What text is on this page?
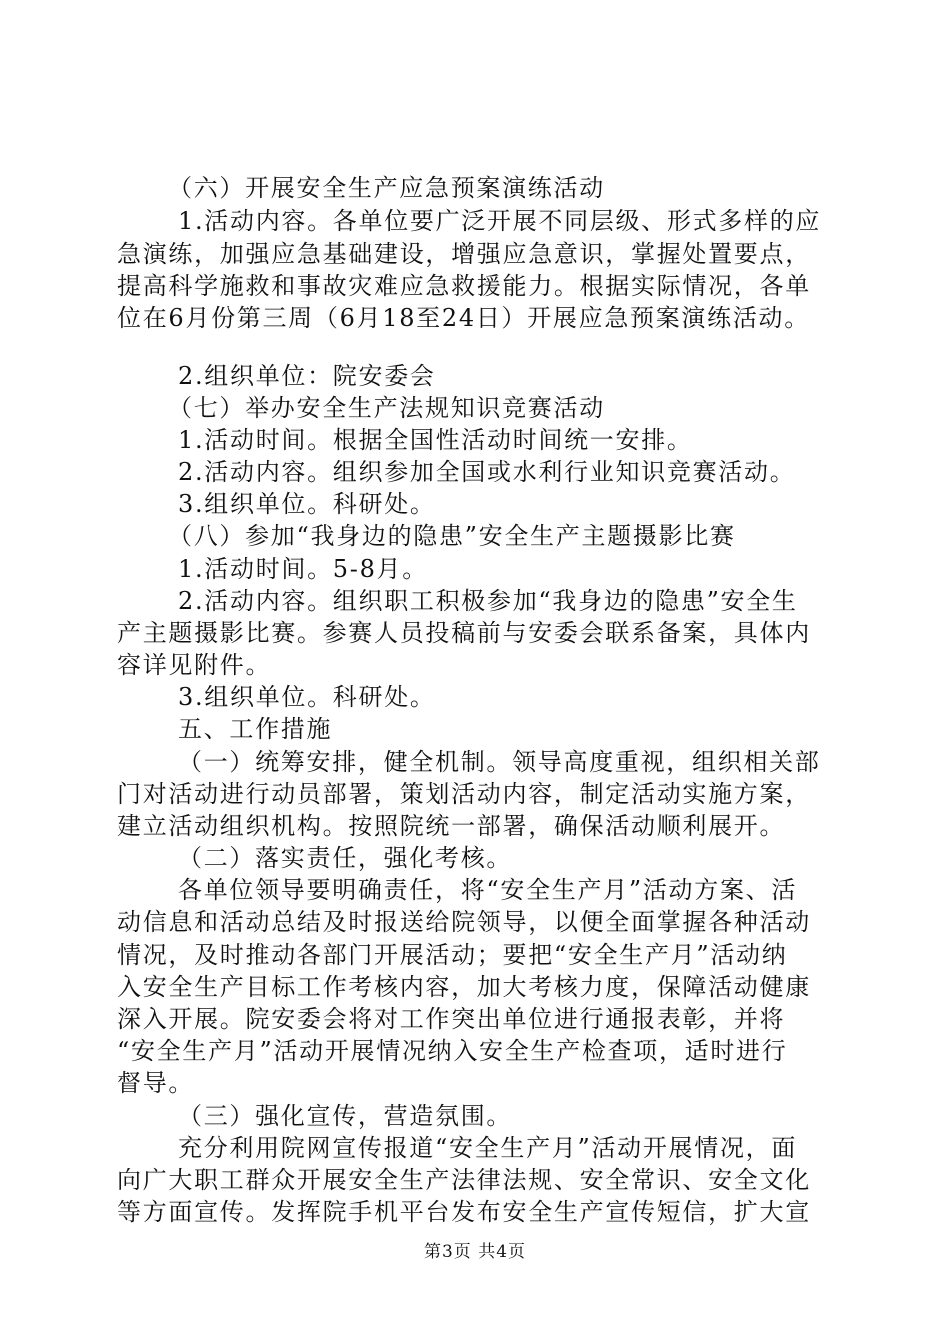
（六）开展安全生产应急预案演练活动
1.活动内容。各单位要广泛开展不同层级、形式多样的应
急演练，加强应急基础建设，增强应急意识，掌握处置要点，
提高科学施救和事故灾难应急救援能力。根据实际情况，各单
位在6月份第三周（6月18至24日）开展应急预案演练活动。
2.组织单位：院安委会
（七）举办安全生产法规知识竞赛活动
1.活动时间。根据全国性活动时间统一安排。
2.活动内容。组织参加全国或水利行业知识竞赛活动。
3.组织单位。科研处。
（八）参加“我身边的隐患”安全生产主题摄影比赛
1.活动时间。5-8月。
2.活动内容。组织职工积极参加“我身边的隐患”安全生
产主题摄影比赛。参赛人员投稿前与安委会联系备案，具体内
容详见附件。
3.组织单位。科研处。
五、工作措施
（一）统筹安排，健全机制。领导高度重视，组织相关部
门对活动进行动员部署，策划活动内容，制定活动实施方案，
建立活动组织机构。按照院统一部署，确保活动顺利展开。
（二）落实责任，强化考核。
各单位领导要明确责任，将“安全生产月”活动方案、活
动信息和活动总结及时报送给院领导，以便全面掌握各种活动
情况，及时推动各部门开展活动；要把“安全生产月”活动纳
入安全生产目标工作考核内容，加大考核力度，保障活动健康
深入开展。院安委会将对工作突出单位进行通报表彰，并将
“安全生产月”活动开展情况纳入安全生产检查项，适时进行
督导。
（三）强化宣传，营造氛围。
充分利用院网宣传报道“安全生产月”活动开展情况，面
向广大职工群众开展安全生产法律法规、安全常识、安全文化
等方面宣传。发挥院手机平台发布安全生产宣传短信，扩大宣
第3页 共4页
